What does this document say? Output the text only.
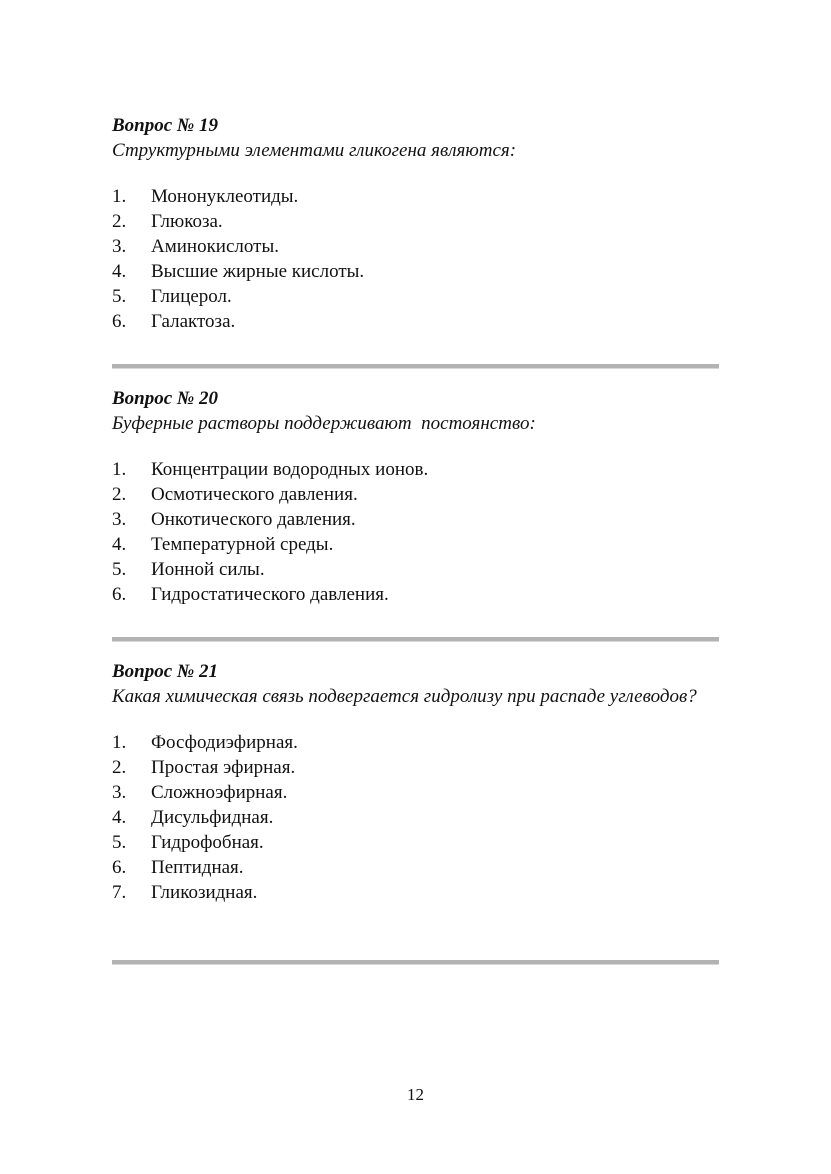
Вопрос № 19

Структурными элементами гликогена являются:

1.	Мононуклеотиды.
2.	Глюкоза.
3.	Аминокислоты.
4.	Высшие жирные кислоты.
5.	Глицерол.
6.	Галактоза.

Вопрос № 20

Буферные растворы поддерживают  постоянство:

1.	Концентрации водородных ионов.
2.	Осмотического давления.
3.	Онкотического давления.
4.	Температурной среды.
5.	Ионной силы.
6.	Гидростатического давления.

Вопрос № 21

Какая химическая связь подвергается гидролизу при распаде углеводов?

1.	Фосфодиэфирная.
2.	Простая эфирная.
3.	Сложноэфирная.
4.	Дисульфидная.
5.	Гидрофобная.
6.	Пептидная.
7.	Гликозидная.
12
